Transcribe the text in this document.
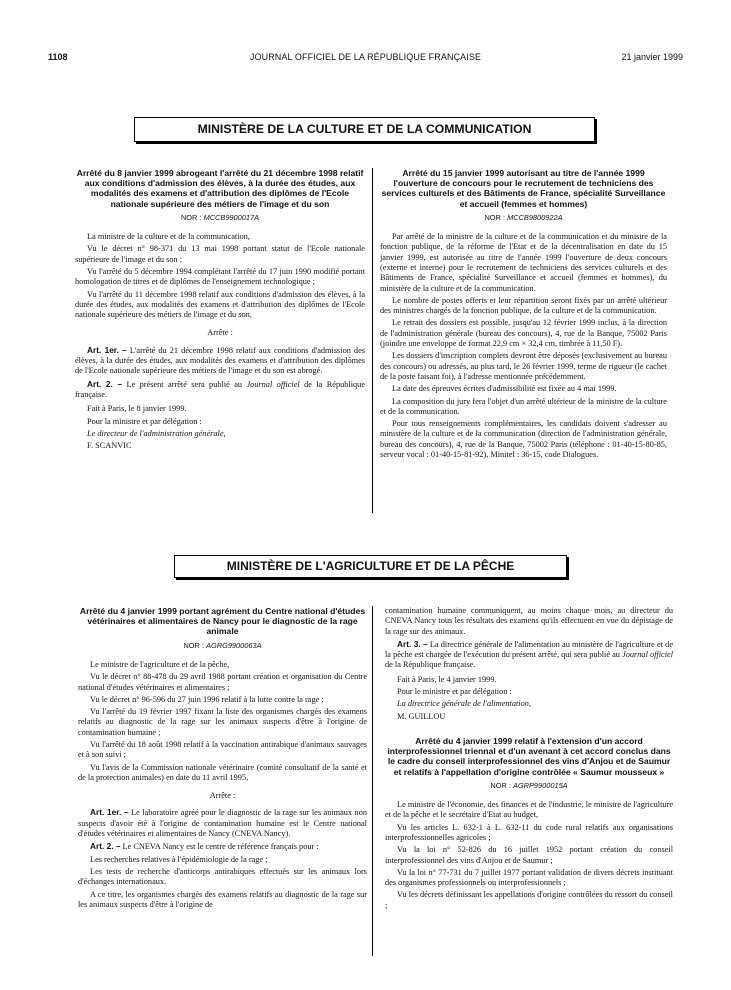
1108	JOURNAL OFFICIEL DE LA RÉPUBLIQUE FRANÇAISE	21 janvier 1999
MINISTÈRE DE LA CULTURE ET DE LA COMMUNICATION
Arrêté du 8 janvier 1999 abrogeant l'arrêté du 21 décembre 1998 relatif aux conditions d'admission des élèves, à la durée des études, aux modalités des examens et d'attribution des diplômes de l'Ecole nationale supérieure des métiers de l'image et du son
NOR : MCCB9900017A

La ministre de la culture et de la communication,

Vu le décret n° 98-371 du 13 mai 1998 portant statut de l'Ecole nationale supérieure de l'image et du son ;

Vu l'arrêté du 5 décembre 1994 complétant l'arrêté du 17 juin 1990 modifié portant homologation de titres et de diplômes de l'enseignement technologique ;

Vu l'arrêté du 11 décembre 1998 relatif aux conditions d'admission des élèves, à la durée des études, aux modalités des examens et d'attribution des diplômes de l'Ecole nationale supérieure des métiers de l'image et du son,

Arrête :

Art. 1er. – L'arrêté du 21 décembre 1998 relatif aux conditions d'admission des élèves, à la durée des études, aux modalités des examens et d'attribution des diplômes de l'Ecole nationale supérieure des métiers de l'image et du son est abrogé.

Art. 2. – Le présent arrêté sera publié au Journal officiel de la République française.

Fait à Paris, le 8 janvier 1999.

Pour la ministre et par délégation :

Le directeur de l'administration générale,

F. SCANVIC

Arrêté du 15 janvier 1999 autorisant au titre de l'année 1999 l'ouverture de concours pour le recrutement de techniciens des services culturels et des Bâtiments de France, spécialité Surveillance et accueil (femmes et hommes)
NOR : MCCB9800922A

Par arrêté de la ministre de la culture et de la communication et du ministre de la fonction publique, de la réforme de l'Etat et de la décentralisation en date du 15 janvier 1999, est autorisée au titre de l'année 1999 l'ouverture de deux concours (externe et interne) pour le recrutement de techniciens des services culturels et des Bâtiments de France, spécialité Surveillance et accueil (femmes et hommes), du ministère de la culture et de la communication.

Le nombre de postes offerts et leur répartition seront fixés par un arrêté ultérieur des ministres chargés de la fonction publique, de la culture et de la communication.

Le retrait des dossiers est possible, jusqu'au 12 février 1999 inclus, à la direction de l'administration générale (bureau des concours), 4, rue de la Banque, 75002 Paris (joindre une enveloppe de format 22,9 cm × 32,4 cm, timbrée à 11,50 F).

Les dossiers d'inscription complets devront être déposés (exclusivement au bureau des concours) ou adressés, au plus tard, le 26 février 1999, terme de rigueur (le cachet de la poste faisant foi), à l'adresse mentionnée précédemment.

La date des épreuves écrites d'admissibilité est fixée au 4 mai 1999.

La composition du jury fera l'objet d'un arrêté ultérieur de la ministre de la culture et de la communication.

Pour tous renseignements complémentaires, les candidats doivent s'adresser au ministère de la culture et de la communication (direction de l'administration générale, bureau des concours), 4, rue de la Banque, 75002 Paris (téléphone : 01-40-15-80-85, serveur vocal : 01-40-15-81-92), Minitel : 36-15, code Dialogues.

MINISTÈRE DE L'AGRICULTURE ET DE LA PÊCHE
Arrêté du 4 janvier 1999 portant agrément du Centre national d'études vétérinaires et alimentaires de Nancy pour le diagnostic de la rage animale
NOR : AGRG9900063A

Le ministre de l'agriculture et de la pêche,

Vu le décret n° 88-478 du 29 avril 1988 portant création et organisation du Centre national d'études vétérinaires et alimentaires ;

Vu le décret n° 96-596 du 27 juin 1996 relatif à la lutte contre la rage ;

Vu l'arrêté du 19 février 1997 fixant la liste des organismes chargés des examens relatifs au diagnostic de la rage sur les animaux suspects d'être à l'origine de contamination humaine ;

Vu l'arrêté du 18 août 1998 relatif à la vaccination antirabique d'animaux sauvages et à son suivi ;

Vu l'avis de la Commission nationale vétérinaire (comité consultatif de la santé et de la protection animales) en date du 11 avril 1995,

Arrête :

Art. 1er. – Le laboratoire agréé pour le diagnostic de la rage sur les animaux non suspects d'avoir été à l'origine de contamination humaine est le Centre national d'études vétérinaires et alimentaires de Nancy (CNEVA Nancy).

Art. 2. – Le CNEVA Nancy est le centre de référence français pour :

Les recherches relatives à l'épidémiologie de la rage ;

Les tests de recherche d'anticorps antirabiques effectués sur les animaux lors d'échanges internationaux.

A ce titre, les organismes chargés des examens relatifs au diagnostic de la rage sur les animaux suspects d'être à l'origine de

contamination humaine communiquent, au moins chaque mois, au directeur du CNEVA Nancy tous les résultats des examens qu'ils effectuent en vue du dépistage de la rage sur des animaux.

Art. 3. – La directrice générale de l'alimentation au ministère de l'agriculture et de la pêche est chargée de l'exécution du présent arrêté, qui sera publié au Journal officiel de la République française.

Fait à Paris, le 4 janvier 1999.

Pour le ministre et par délégation :

La directrice générale de l'alimentation,

M. GUILLOU

Arrêté du 4 janvier 1999 relatif à l'extension d'un accord interprofessionnel triennal et d'un avenant à cet accord conclus dans le cadre du conseil interprofessionnel des vins d'Anjou et de Saumur et relatifs à l'appellation d'origine contrôlée « Saumur mousseux »
NOR : AGRP9900015A

Le ministre de l'économie, des finances et de l'industrie, le ministre de l'agriculture et de la pêche et le secrétaire d'Etat au budget,

Vu les articles L. 632-1 à L. 632-11 du code rural relatifs aux organisations interprofessionnelles agricoles ;

Vu la loi n° 52-826 du 16 juillet 1952 portant création du conseil interprofessionnel des vins d'Anjou et de Saumur ;

Vu la loi n° 77-731 du 7 juillet 1977 portant validation de divers décrets instituant des organismes professionnels ou interprofessionnels ;

Vu les décrets définissant les appellations d'origine contrôlées du ressort du conseil ;
